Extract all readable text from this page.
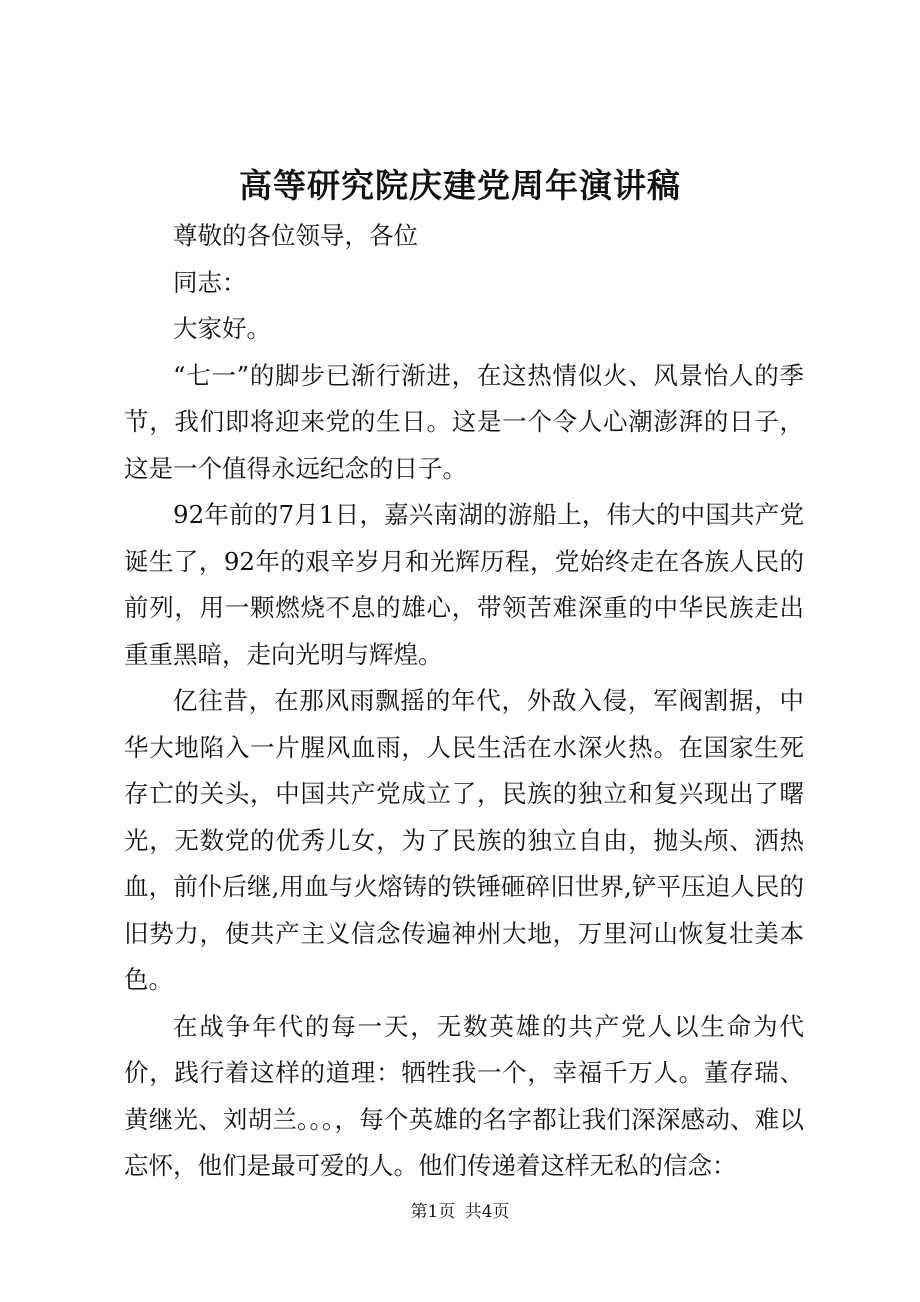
高等研究院庆建党周年演讲稿

尊敬的各位领导，各位

同志：

大家好。

“七一”的脚步已渐行渐进，在这热情似火、风景怡人的季节，我们即将迎来党的生日。这是一个令人心潮澎湃的日子，这是一个值得永远纪念的日子。

92年前的7月1日，嘉兴南湖的游船上，伟大的中国共产党诞生了，92年的艰辛岁月和光辉历程，党始终走在各族人民的前列，用一颗燃烧不息的雄心，带领苦难深重的中华民族走出重重黑暗，走向光明与辉煌。

亿往昔，在那风雨飘摇的年代，外敌入侵，军阀割据，中华大地陷入一片腥风血雨，人民生活在水深火热。在国家生死存亡的关头，中国共产党成立了，民族的独立和复兴现出了曙光，无数党的优秀儿女，为了民族的独立自由，抛头颅、洒热血，前仆后继,用血与火熔铸的铁锤砸碎旧世界,铲平压迫人民的旧势力，使共产主义信念传遍神州大地，万里河山恢复壮美本色。

在战争年代的每一天，无数英雄的共产党人以生命为代价，践行着这样的道理：牺牲我一个，幸福千万人。董存瑞、黄继光、刘胡兰。。。，每个英雄的名字都让我们深深感动、难以忘怀，他们是最可爱的人。他们传递着这样无私的信念：

第1页 共4页
